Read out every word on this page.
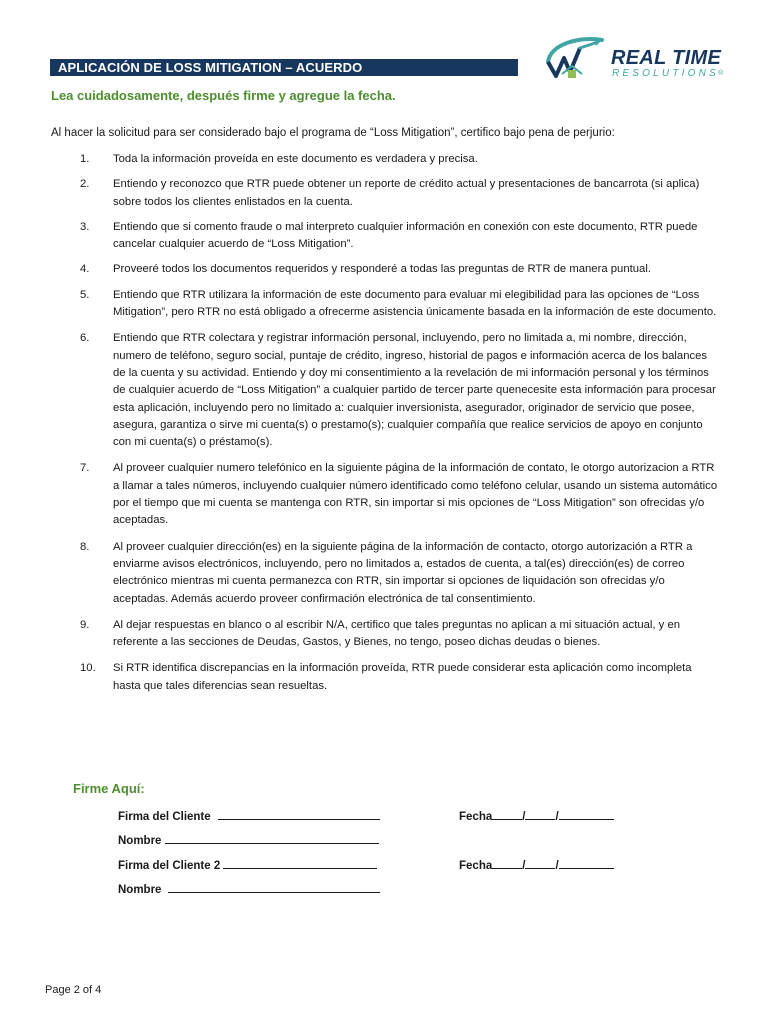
APLICACIÓN DE LOSS MITIGATION – ACUERDO	REAL TIME
RESOLUTIONS ®
Lea cuidadosamente, después firme y agregue la fecha.
Al hacer la solicitud para ser considerado bajo el programa de “Loss Mitigation”, certifico bajo pena de perjurio:
1.	Toda la información proveída en este documento es verdadera y precisa.
2.	Entiendo y reconozco que RTR puede obtener un reporte de crédito actual y presentaciones de bancarrota (si aplica) sobre todos los clientes enlistados en la cuenta.
3.	Entiendo que si comento fraude o mal interpreto cualquier información en conexión con este documento, RTR puede cancelar cualquier acuerdo de “Loss Mitigation”.
4.	Proveeré todos los documentos requeridos y responderé a todas las preguntas de RTR de manera puntual.
5.	Entiendo que RTR utilizara la información de este documento para evaluar mi elegibilidad para las opciones de “Loss Mitigation”, pero RTR no está obligado a ofrecerme asistencia únicamente basada en la información de este documento.
6.	Entiendo que RTR colectara y registrar información personal, incluyendo, pero no limitada a, mi nombre, dirección, numero de teléfono, seguro social, puntaje de crédito, ingreso, historial de pagos e información acerca de los balances de la cuenta y su actividad. Entiendo y doy mi consentimiento a la revelación de mi información personal y los términos de cualquier acuerdo de “Loss Mitigation” a cualquier partido de tercer parte quenecesite esta información para procesar esta aplicación, incluyendo pero no limitado a: cualquier inversionista, asegurador, originador de servicio que posee, asegura, garantiza o sirve mi cuenta(s) o prestamo(s); cualquier compañía que realice servicios de apoyo en conjunto con mi cuenta(s) o préstamo(s).
7.	Al proveer cualquier numero telefónico en la siguiente página de la información de contato, le otorgo autorizacion a RTR a llamar a tales números, incluyendo cualquier número identificado como teléfono celular, usando un sistema automático por el tiempo que mi cuenta se mantenga con RTR, sin importar si mis opciones de “Loss Mitigation” son ofrecidas y/o aceptadas.
8.	Al proveer cualquier dirección(es) en la siguiente página de la información de contacto, otorgo autorización a RTR a enviarme avisos electrónicos, incluyendo, pero no limitados a, estados de cuenta, a tal(es) dirección(es) de correo electrónico mientras mi cuenta permanezca con RTR, sin importar si opciones de liquidación son ofrecidas y/o aceptadas. Además acuerdo proveer confirmación electrónica de tal consentimiento.
9.	Al dejar respuestas en blanco o al escribir N/A, certifico que tales preguntas no aplican a mi situación actual, y en referente a las secciones de Deudas, Gastos, y Bienes, no tengo, poseo dichas deudas o bienes.
10.	Si RTR identifica discrepancias en la información proveída, RTR puede considerar esta aplicación como incompleta hasta que tales diferencias sean resueltas.
Firme Aquí:
Firma del Cliente	Fecha	/	/
Nombre
Firma del Cliente 2	Fecha	/	/
Nombre
Page 2 of 4
